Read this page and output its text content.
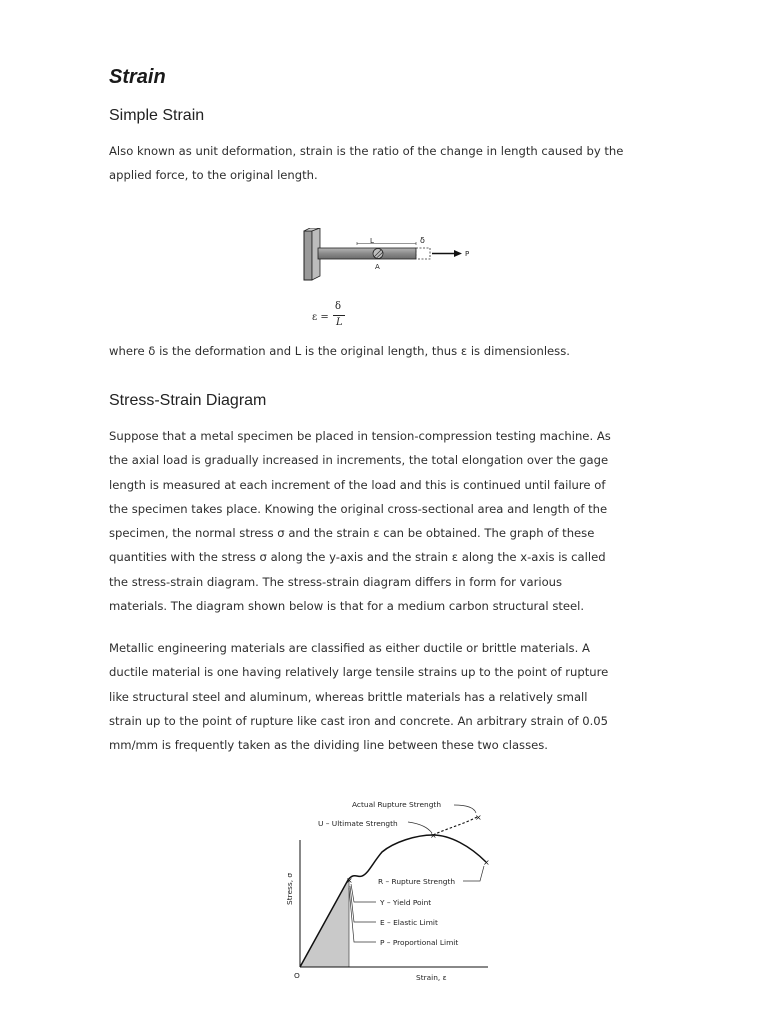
Strain
Simple Strain

Also known as unit deformation, strain is the ratio of the change in length caused by the
applied force, to the original length.

L	δ
P
A
ε =
δ
L

where δ is the deformation and L is the original length, thus ε is dimensionless.

Stress-Strain Diagram

Suppose that a metal specimen be placed in tension-compression testing machine. As
the axial load is gradually increased in increments, the total elongation over the gage
length is measured at each increment of the load and this is continued until failure of
the specimen takes place. Knowing the original cross-sectional area and length of the
specimen, the normal stress σ and the strain ε can be obtained. The graph of these
quantities with the stress σ along the y-axis and the strain ε along the x-axis is called
the stress-strain diagram. The stress-strain diagram differs in form for various
materials. The diagram shown below is that for a medium carbon structural steel.

Metallic engineering materials are classified as either ductile or brittle materials. A
ductile material is one having relatively large tensile strains up to the point of rupture
like structural steel and aluminum, whereas brittle materials has a relatively small
strain up to the point of rupture like cast iron and concrete. An arbitrary strain of 0.05
mm/mm is frequently taken as the dividing line between these two classes.

×
×
×
×
Actual Rupture Strength
U – Ultimate Strength
R – Rupture Strength
Y – Yield Point
E – Elastic Limit
P – Proportional Limit
Stress, σ
Strain, ε
O
